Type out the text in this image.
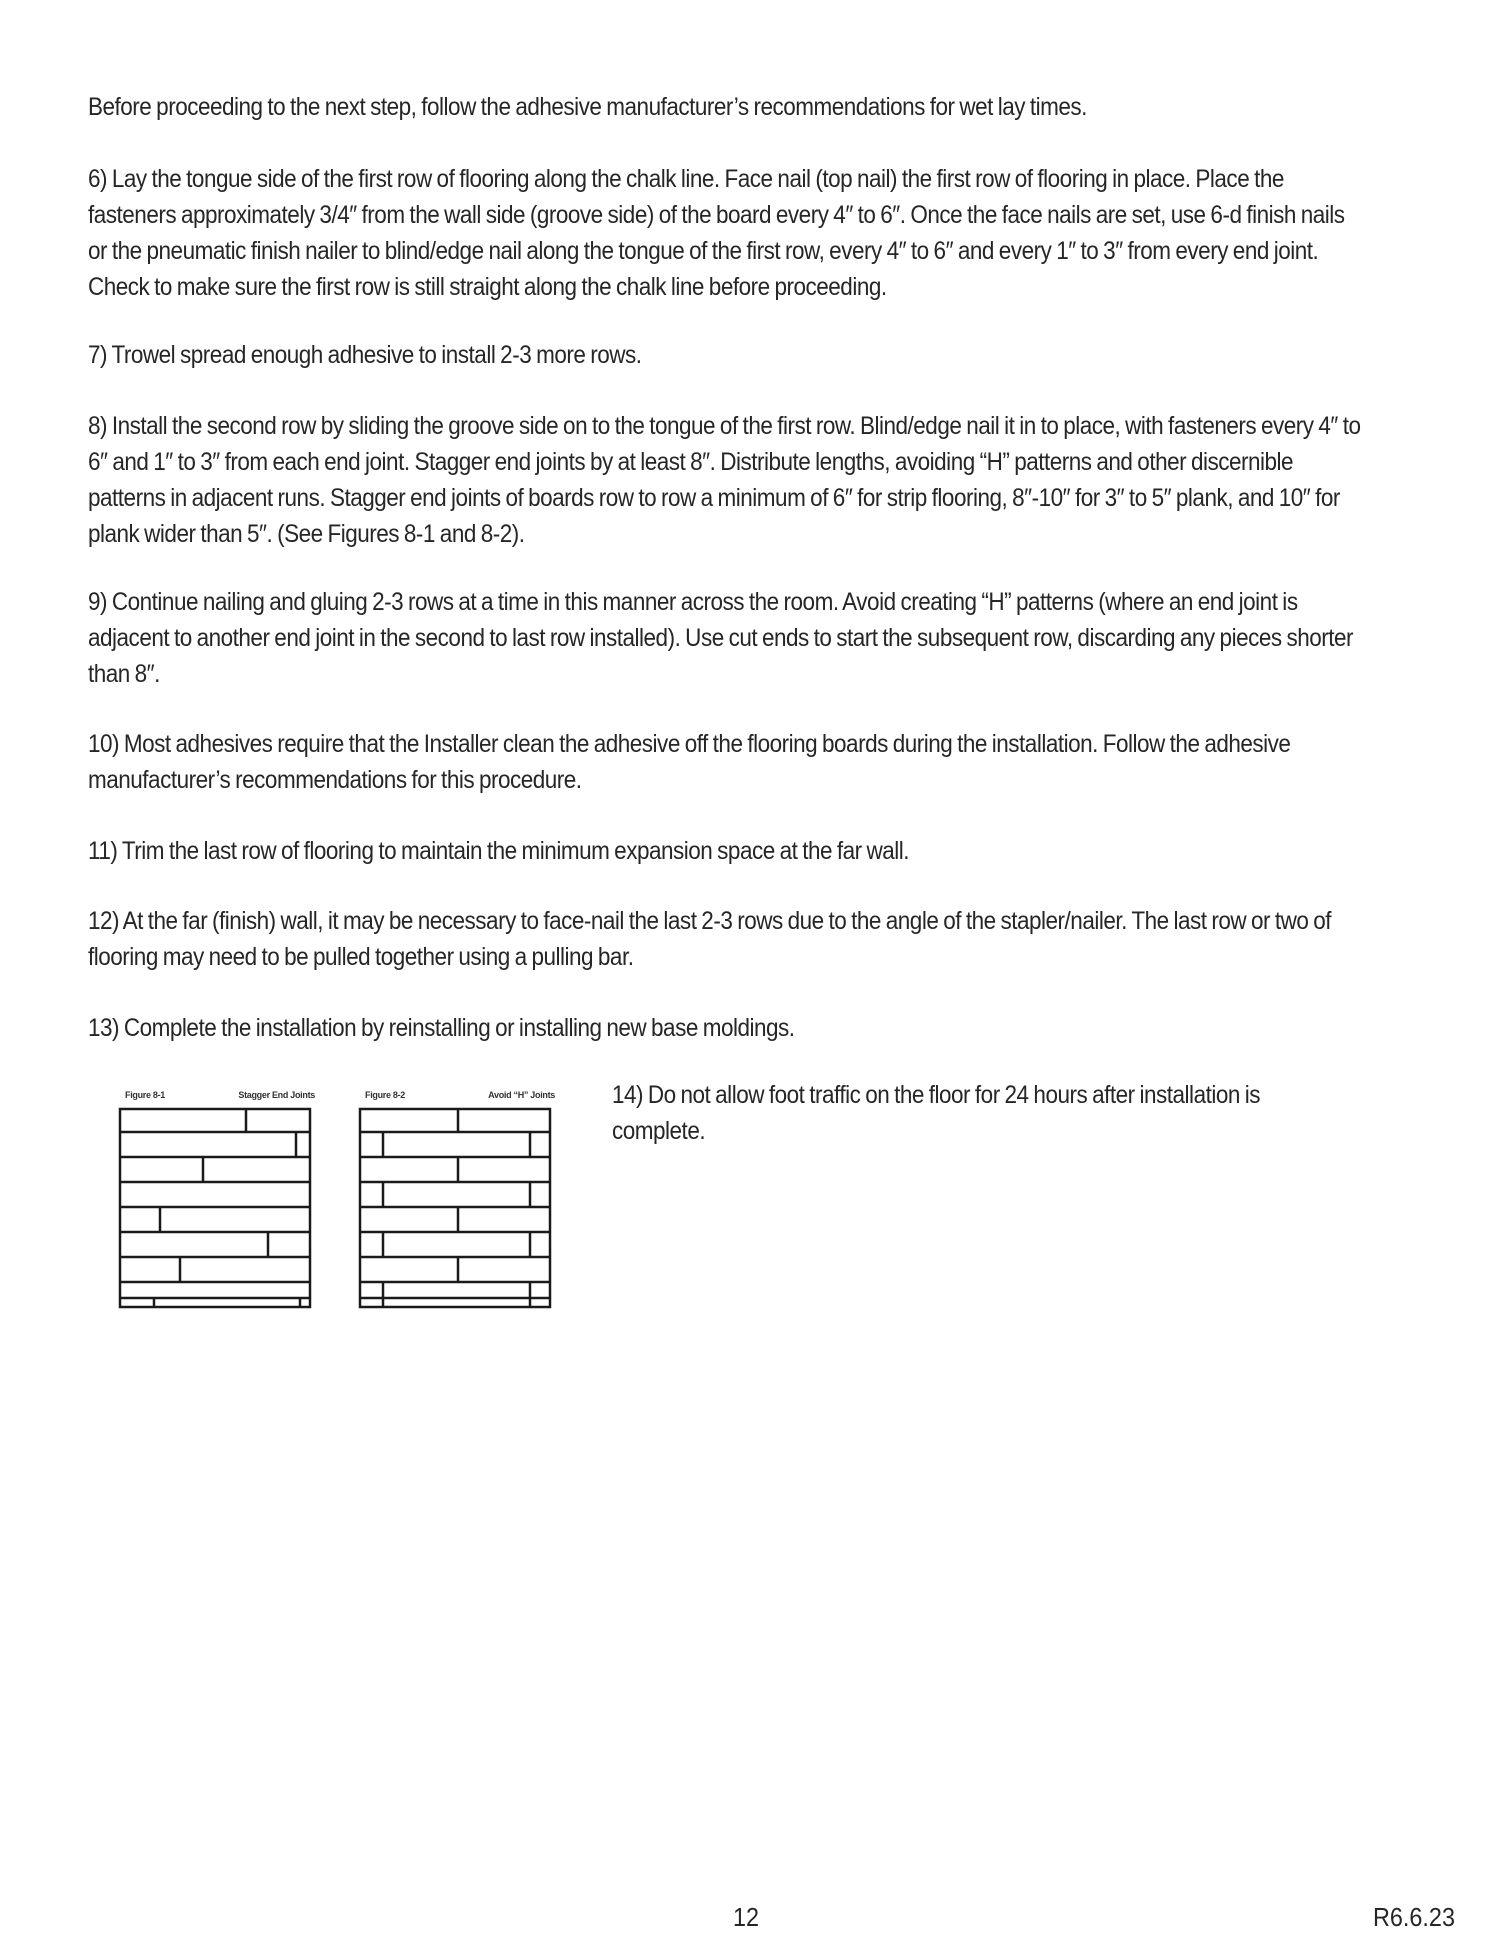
Before proceeding to the next step, follow the adhesive manufacturer’s recommendations for wet lay times.

6) Lay the tongue side of the first row of flooring along the chalk line. Face nail (top nail) the first row of flooring in place. Place the fasteners approximately 3/4″ from the wall side (groove side) of the board every 4″ to 6″. Once the face nails are set, use 6-d finish nails or the pneumatic finish nailer to blind/edge nail along the tongue of the first row, every 4″ to 6″ and every 1″ to 3″ from every end joint. Check to make sure the first row is still straight along the chalk line before proceeding.

7) Trowel spread enough adhesive to install 2-3 more rows.

8) Install the second row by sliding the groove side on to the tongue of the first row. Blind/edge nail it in to place, with fasteners every 4″ to 6″ and 1″ to 3″ from each end joint. Stagger end joints by at least 8″. Distribute lengths, avoiding “H” patterns and other discernible patterns in adjacent runs. Stagger end joints of boards row to row a minimum of 6″ for strip flooring, 8″-10″ for 3″ to 5″ plank, and 10″ for plank wider than 5″. (See Figures 8-1 and 8-2).

9) Continue nailing and gluing 2-3 rows at a time in this manner across the room. Avoid creating “H” patterns (where an end joint is adjacent to another end joint in the second to last row installed). Use cut ends to start the subsequent row, discarding any pieces shorter than 8″.

10) Most adhesives require that the Installer clean the adhesive off the flooring boards during the installation. Follow the adhesive manufacturer’s recommendations for this procedure.

11) Trim the last row of flooring to maintain the minimum expansion space at the far wall.

12) At the far (finish) wall, it may be necessary to face-nail the last 2-3 rows due to the angle of the stapler/nailer. The last row or two of flooring may need to be pulled together using a pulling bar.

13) Complete the installation by reinstalling or installing new base moldings.

Figure 8-1	Stagger End Joints	Figure 8-2	Avoid “H” Joints 14) Do not allow foot traffic on the floor for 24 hours after installation is complete.

12	R6.6.23
